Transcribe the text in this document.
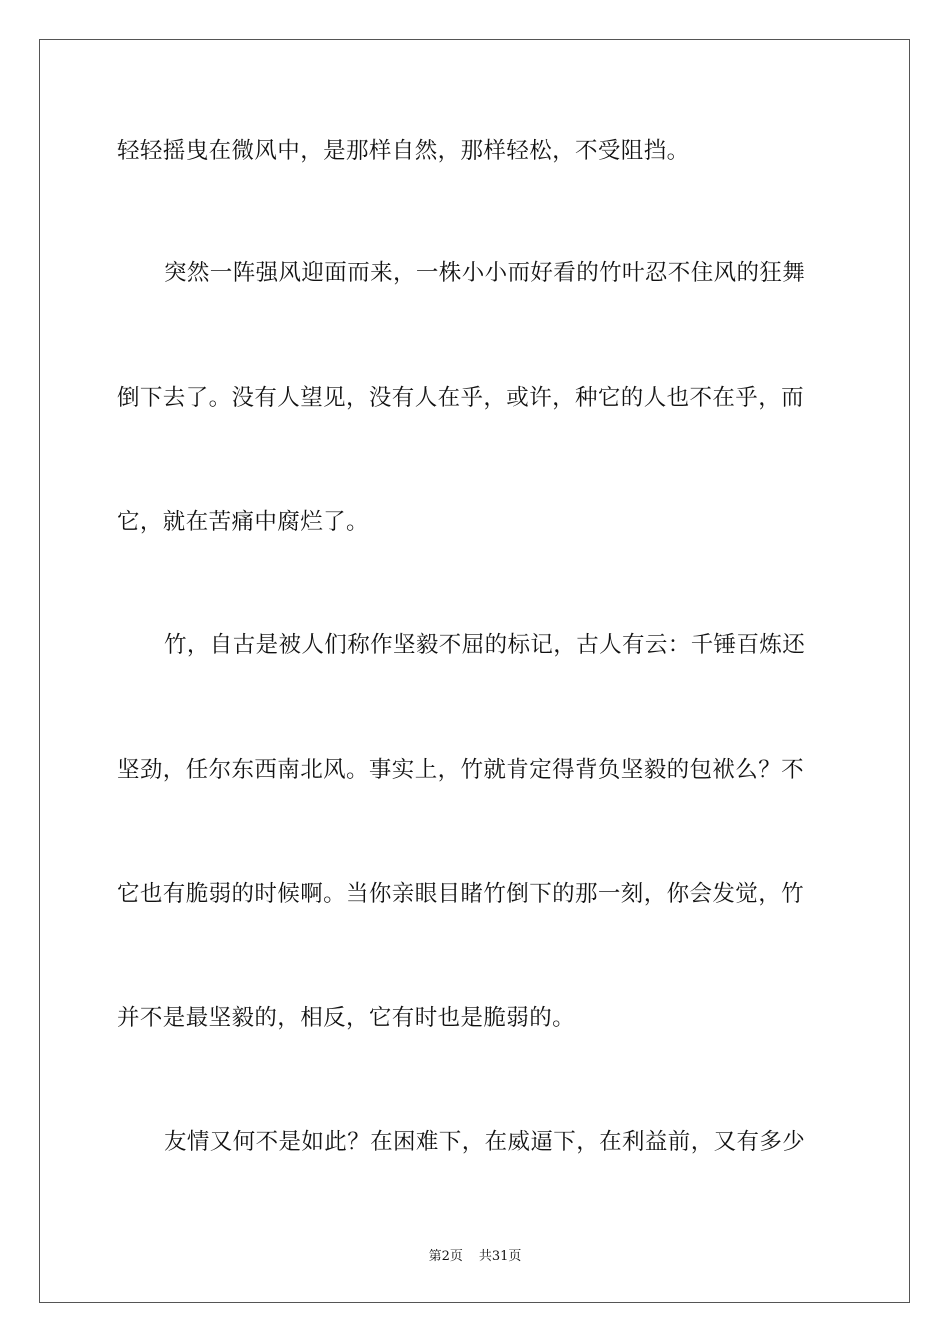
轻轻摇曳在微风中，是那样自然，那样轻松，不受阻挡。
突然一阵强风迎面而来，一株小小而好看的竹叶忍不住风的狂舞
倒下去了。没有人望见，没有人在乎，或许，种它的人也不在乎，而
它，就在苦痛中腐烂了。
竹，自古是被人们称作坚毅不屈的标记，古人有云：千锤百炼还
坚劲，任尔东西南北风。事实上，竹就肯定得背负坚毅的包袱么？不
它也有脆弱的时候啊。当你亲眼目睹竹倒下的那一刻，你会发觉，竹
并不是最坚毅的，相反，它有时也是脆弱的。
友情又何不是如此？在困难下，在威逼下，在利益前，又有多少
第2页 共31页
